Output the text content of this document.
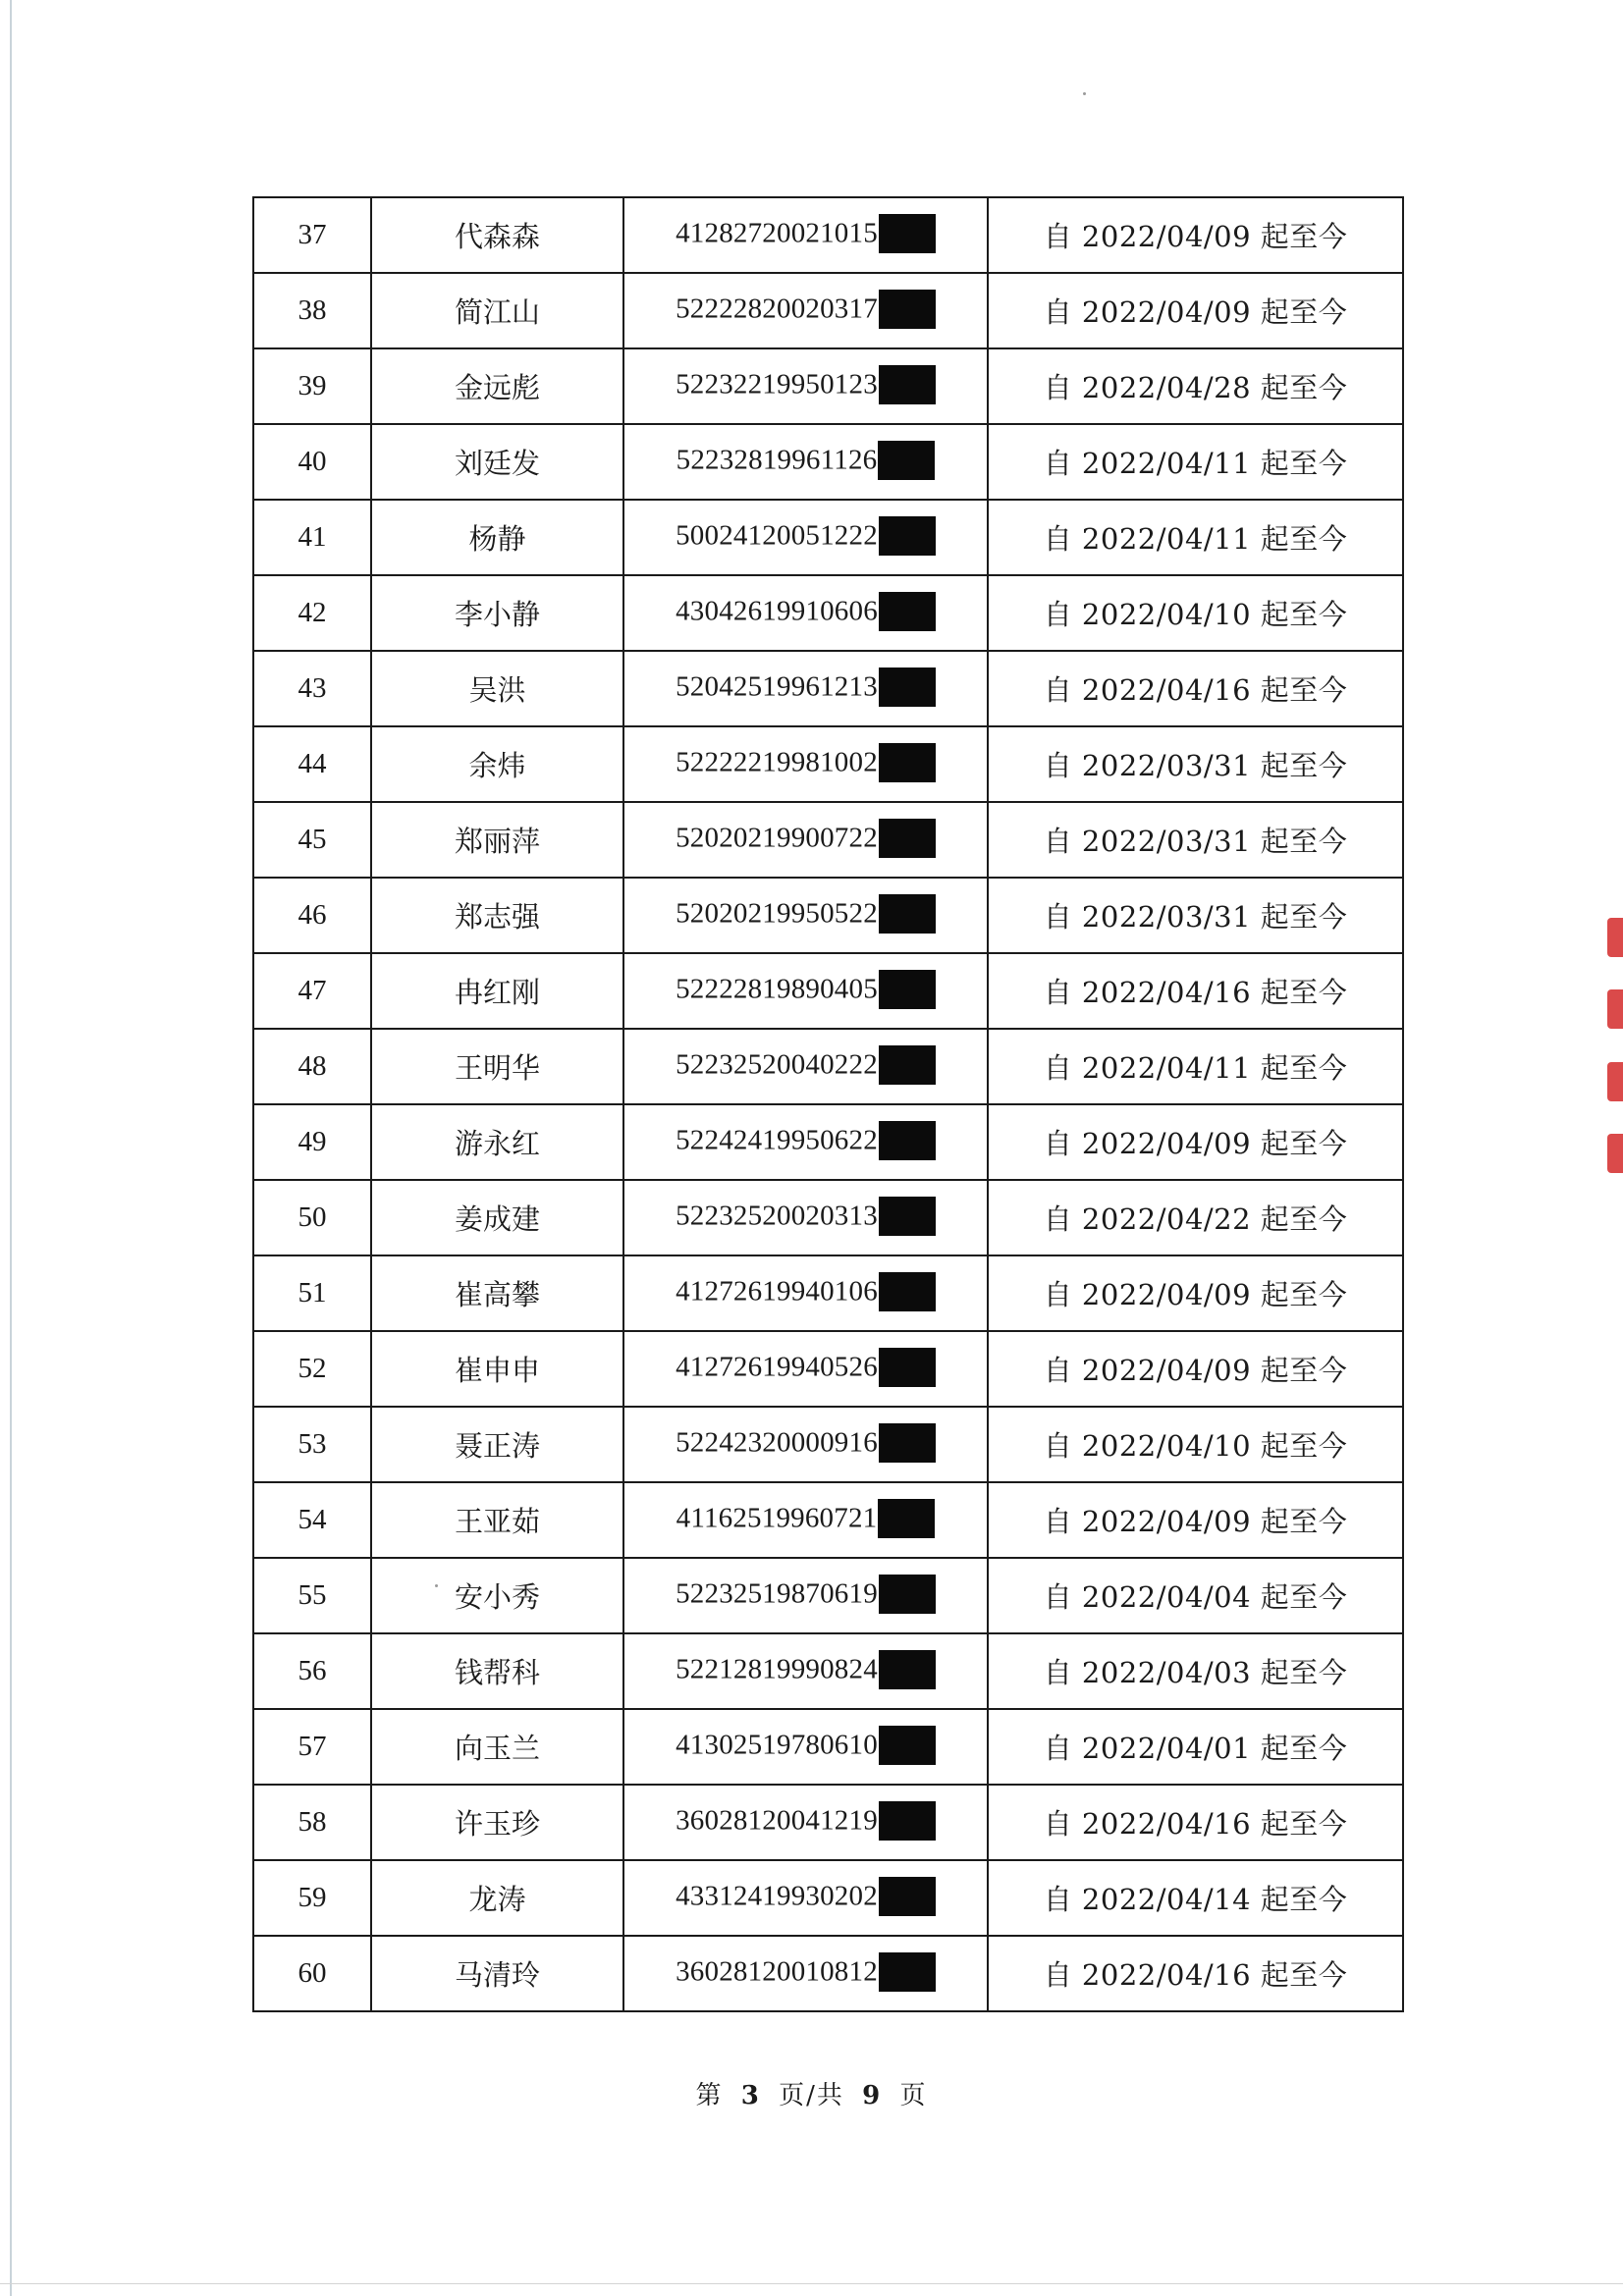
37	代森森	41282720021015	自 2022/04/09 起至今
38	简江山	52222820020317	自 2022/04/09 起至今
39	金远彪	52232219950123	自 2022/04/28 起至今
40	刘廷发	52232819961126	自 2022/04/11 起至今
41	杨静	50024120051222	自 2022/04/11 起至今
42	李小静	43042619910606	自 2022/04/10 起至今
43	吴洪	52042519961213	自 2022/04/16 起至今
44	余炜	52222219981002	自 2022/03/31 起至今
45	郑丽萍	52020219900722	自 2022/03/31 起至今
46	郑志强	52020219950522	自 2022/03/31 起至今
47	冉红刚	52222819890405	自 2022/04/16 起至今
48	王明华	52232520040222	自 2022/04/11 起至今
49	游永红	52242419950622	自 2022/04/09 起至今
50	姜成建	52232520020313	自 2022/04/22 起至今
51	崔高攀	41272619940106	自 2022/04/09 起至今
52	崔申申	41272619940526	自 2022/04/09 起至今
53	聂正涛	52242320000916	自 2022/04/10 起至今
54	王亚茹	41162519960721	自 2022/04/09 起至今
55	安小秀	52232519870619	自 2022/04/04 起至今
56	钱帮科	52212819990824	自 2022/04/03 起至今
57	向玉兰	41302519780610	自 2022/04/01 起至今
58	许玉珍	36028120041219	自 2022/04/16 起至今
59	龙涛	43312419930202	自 2022/04/14 起至今
60	马清玲	36028120010812	自 2022/04/16 起至今
第 3 页/共 9 页
